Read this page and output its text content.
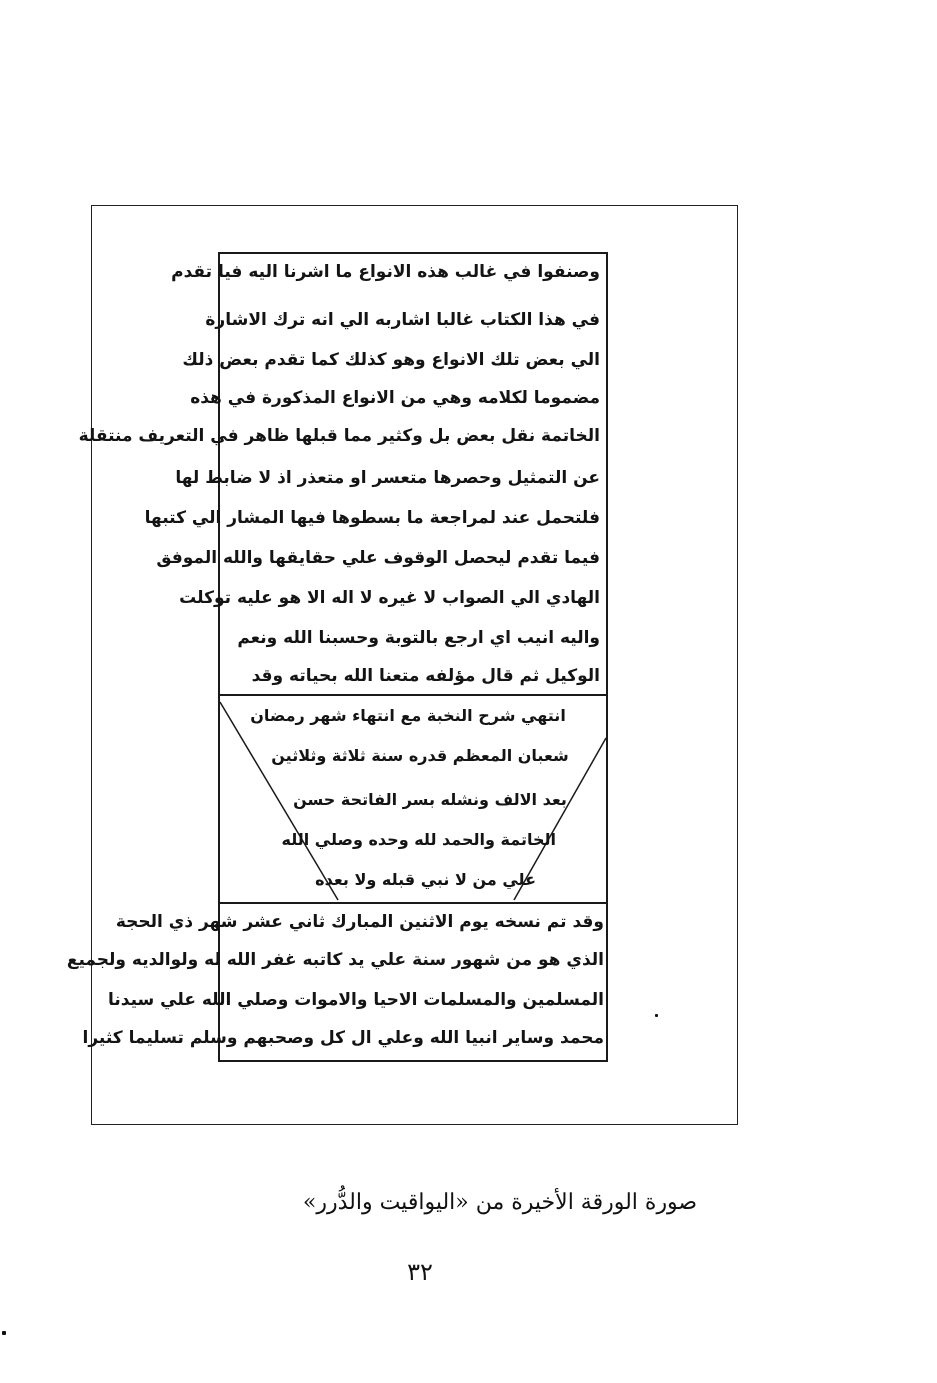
وصنفوا في غالب هذه الانواع ما اشرنا اليه فيا تقدم
في هذا الكتاب غالبا اشاربه الي انه ترك الاشارة
الي بعض تلك الانواع وهو كذلك كما تقدم بعض ذلك
مضموما لكلامه وهي من الانواع المذكورة في هذه
الخاتمة نقل بعض بل وكثير مما قبلها ظاهر في التعريف منتقلة
عن التمثيل وحصرها متعسر او متعذر اذ لا ضابط لها
فلتحمل عند لمراجعة ما بسطوها فيها المشار الي كتبها
فيما تقدم ليحصل الوقوف علي حقايقها والله الموفق
الهادي الي الصواب لا غيره لا اله الا هو عليه توكلت
واليه انيب اي ارجع بالتوبة وحسبنا الله ونعم
الوكيل ثم قال مؤلفه متعنا الله بحياته وقد
انتهي شرح النخبة مع انتهاء شهر رمضان
شعبان المعظم قدره سنة ثلاثة وثلاثين
بعد الالف ونشله بسر الفاتحة حسن
الخاتمة والحمد لله وحده وصلي الله
علي من لا نبي قبله ولا بعده
وقد تم نسخه يوم الاثنين المبارك ثاني عشر شهر ذي الحجة
الذي هو من شهور سنة علي يد كاتبه غفر الله له ولوالديه ولجميع
المسلمين والمسلمات الاحيا والاموات وصلي الله علي سيدنا
محمد وساير انبيا الله وعلي ال كل وصحبهم وسلم تسليما كثيرا
صورة الورقة الأخيرة من «اليواقيت والدُّرر»
٣٢
